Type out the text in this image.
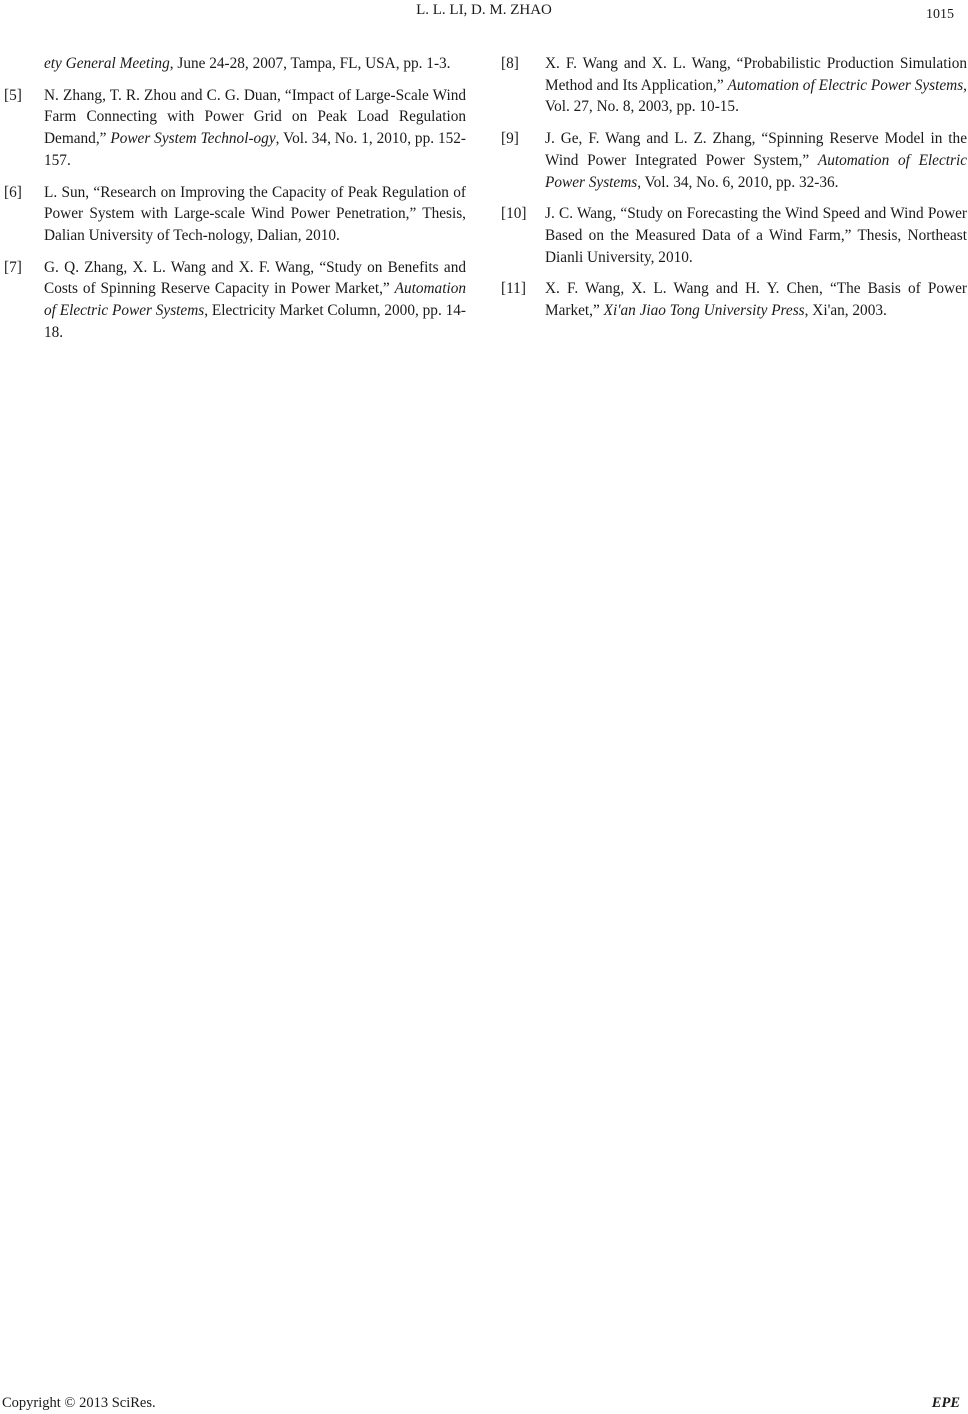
L. L. LI, D. M. ZHAO	1015
ety General Meeting, June 24-28, 2007, Tampa, FL, USA, pp. 1-3.
[5] N. Zhang, T. R. Zhou and C. G. Duan, “Impact of Large-Scale Wind Farm Connecting with Power Grid on Peak Load Regulation Demand,” Power System Technol-ogy, Vol. 34, No. 1, 2010, pp. 152-157.
[6] L. Sun, “Research on Improving the Capacity of Peak Regulation of Power System with Large-scale Wind Power Penetration,” Thesis, Dalian University of Tech-nology, Dalian, 2010.
[7] G. Q. Zhang, X. L. Wang and X. F. Wang, “Study on Benefits and Costs of Spinning Reserve Capacity in Power Market,” Automation of Electric Power Systems, Electricity Market Column, 2000, pp. 14-18.
[8] X. F. Wang and X. L. Wang, “Probabilistic Production Simulation Method and Its Application,” Automation of Electric Power Systems, Vol. 27, No. 8, 2003, pp. 10-15.
[9] J. Ge, F. Wang and L. Z. Zhang, “Spinning Reserve Model in the Wind Power Integrated Power System,” Automation of Electric Power Systems, Vol. 34, No. 6, 2010, pp. 32-36.
[10] J. C. Wang, “Study on Forecasting the Wind Speed and Wind Power Based on the Measured Data of a Wind Farm,” Thesis, Northeast Dianli University, 2010.
[11] X. F. Wang, X. L. Wang and H. Y. Chen, “The Basis of Power Market,” Xi'an Jiao Tong University Press, Xi'an, 2003.
Copyright © 2013 SciRes.	EPE
